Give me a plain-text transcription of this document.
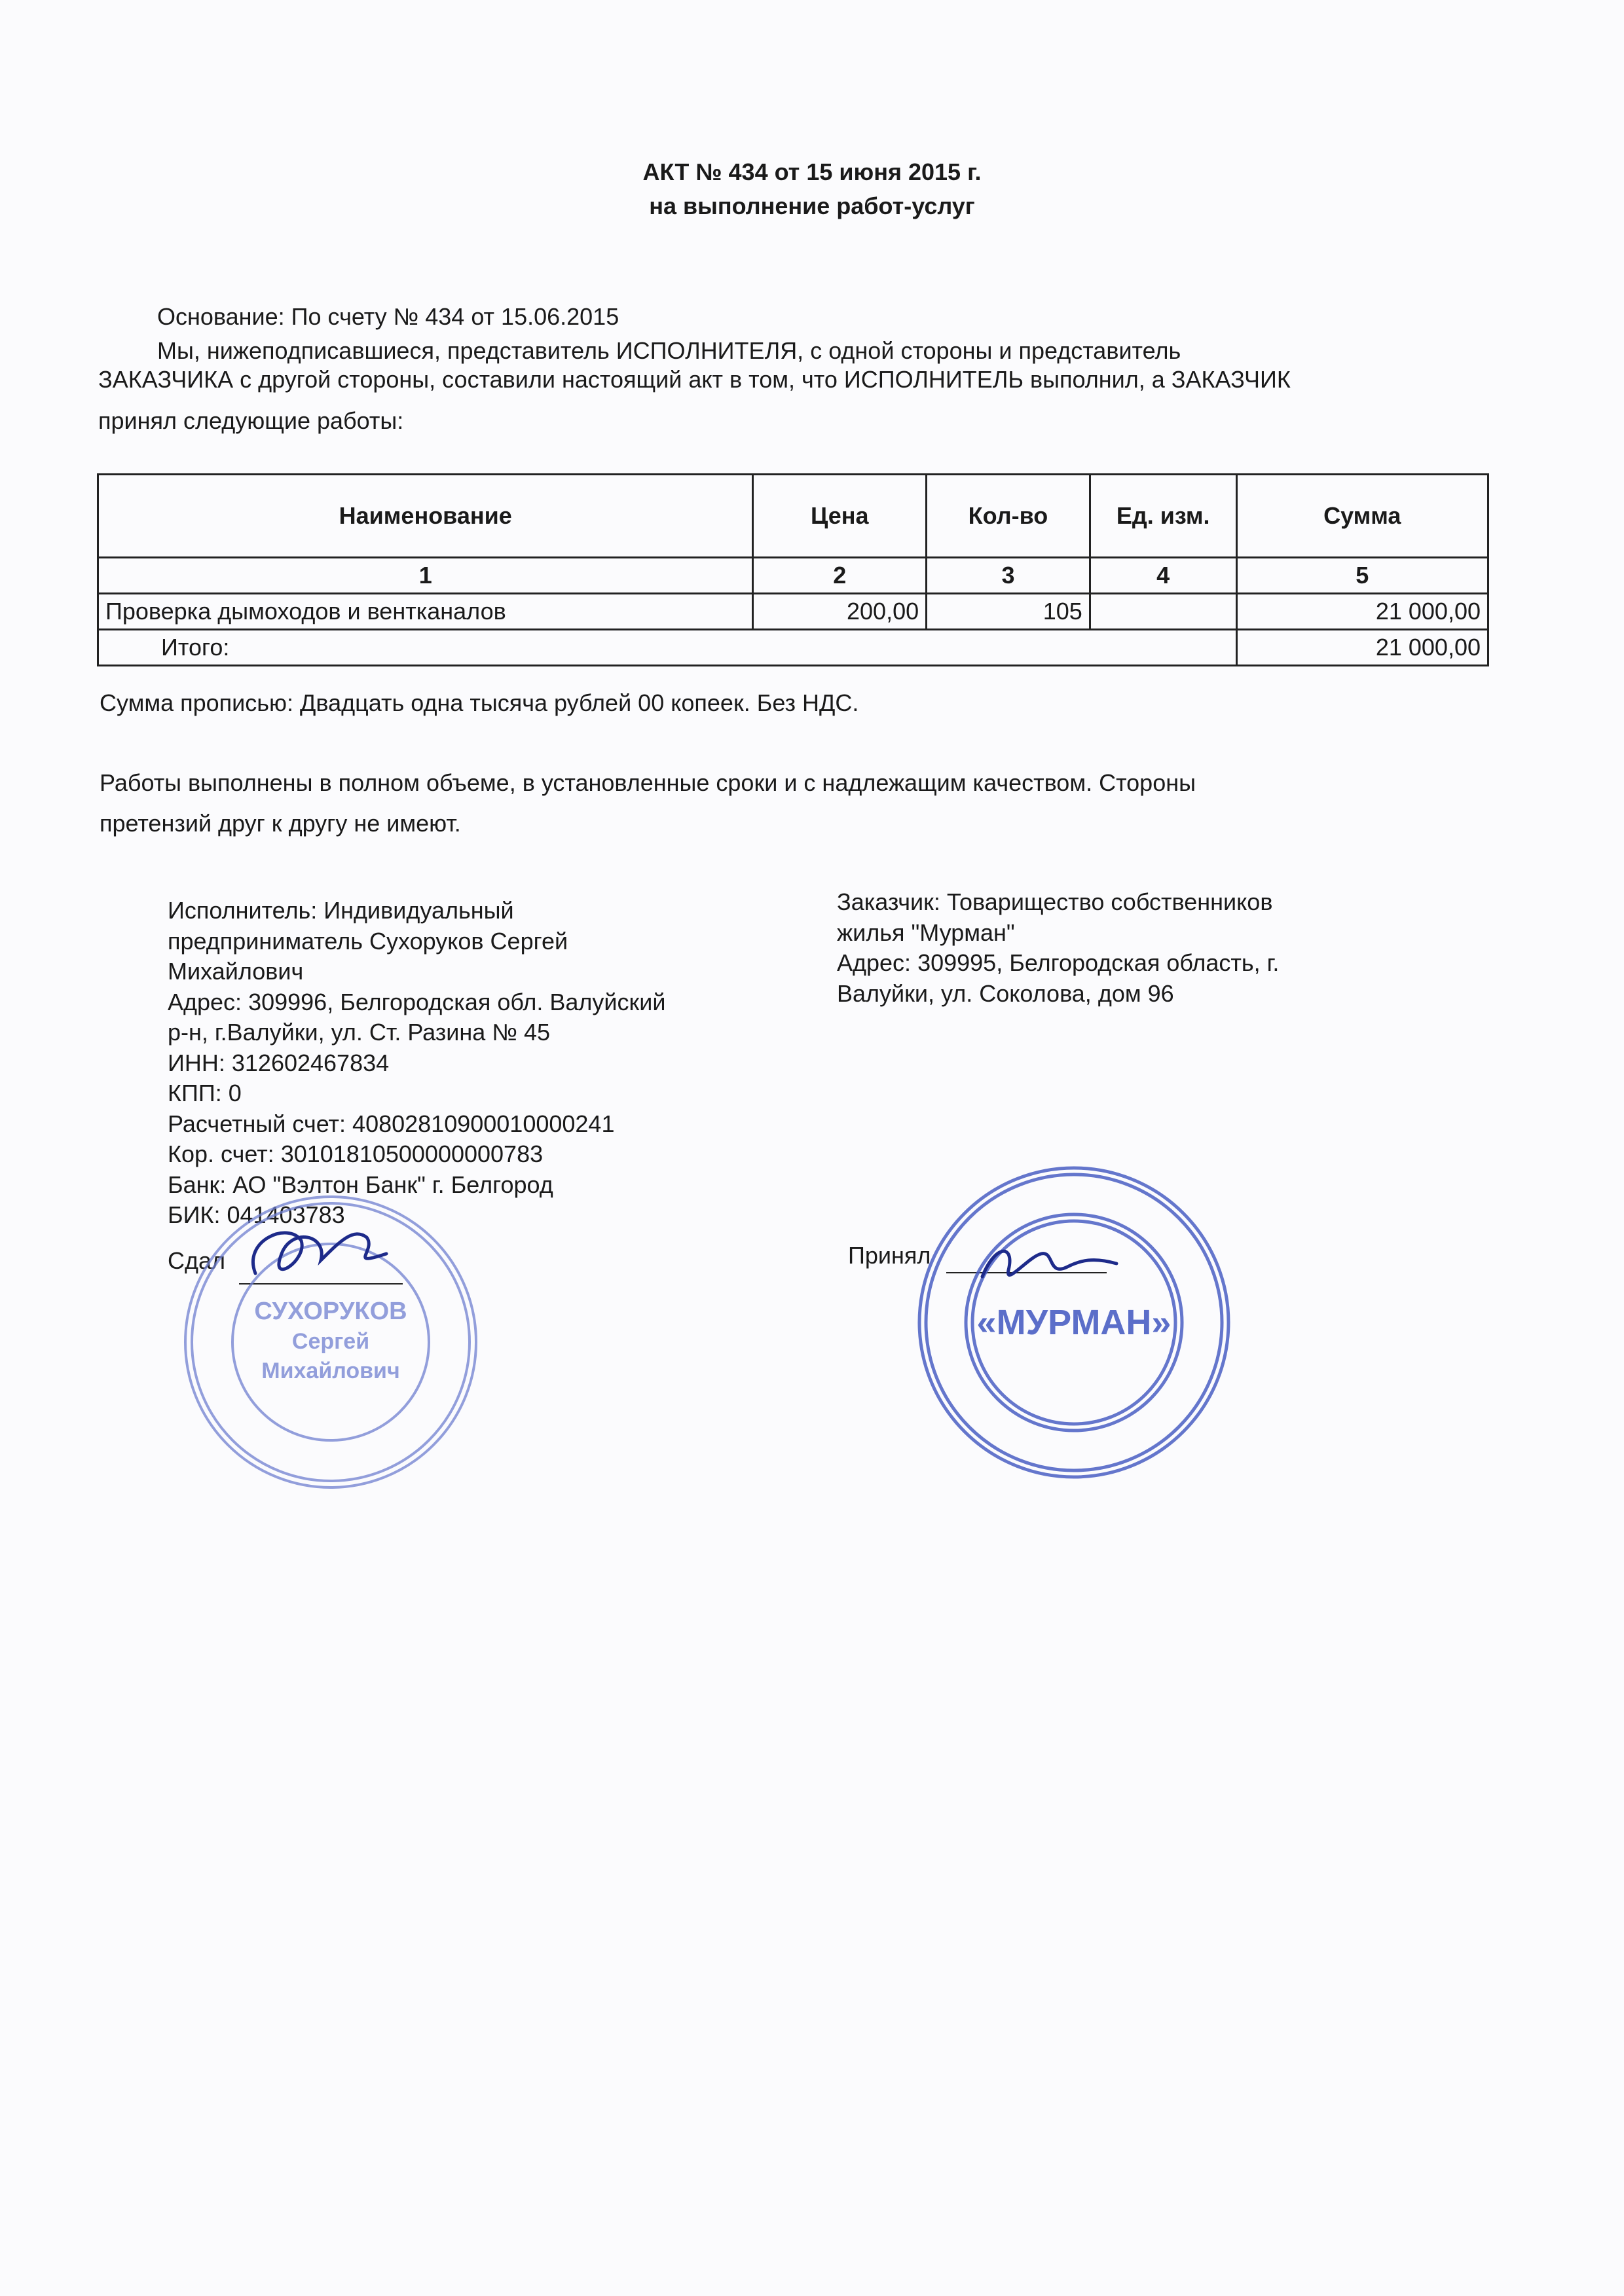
АКТ № 434 от 15 июня 2015 г.
на выполнение работ-услуг
Основание: По счету № 434 от 15.06.2015
Мы, нижеподписавшиеся, представитель ИСПОЛНИТЕЛЯ, с одной стороны и представитель
ЗАКАЗЧИКА с другой стороны, составили настоящий акт в том, что ИСПОЛНИТЕЛЬ выполнил, а ЗАКАЗЧИК
принял следующие работы:
Наименование	Цена	Кол-во	Ед. изм.	Сумма
1	2	3	4	5
Проверка дымоходов и вентканалов	200,00	105		21 000,00
Итого:				21 000,00
Сумма прописью: Двадцать одна тысяча рублей 00 копеек. Без НДС.
Работы выполнены в полном объеме, в установленные сроки и с надлежащим качеством. Стороны
претензий друг к другу не имеют.
Исполнитель: Индивидуальный
предприниматель Сухоруков Сергей
Михайлович
Адрес: 309996, Белгородская обл. Валуйский
р-н, г.Валуйки, ул. Ст. Разина № 45
ИНН: 312602467834
КПП: 0
Расчетный счет: 40802810900010000241
Кор. счет: 30101810500000000783
Банк: АО "Вэлтон Банк" г. Белгород
БИК: 041403783
Сдал
Заказчик: Товарищество собственников
жилья "Мурман"
Адрес: 309995, Белгородская область, г.
Валуйки, ул. Соколова, дом 96
Принял
СУХОРУКОВ
Сергей
Михайлович
«МУРМАН»
